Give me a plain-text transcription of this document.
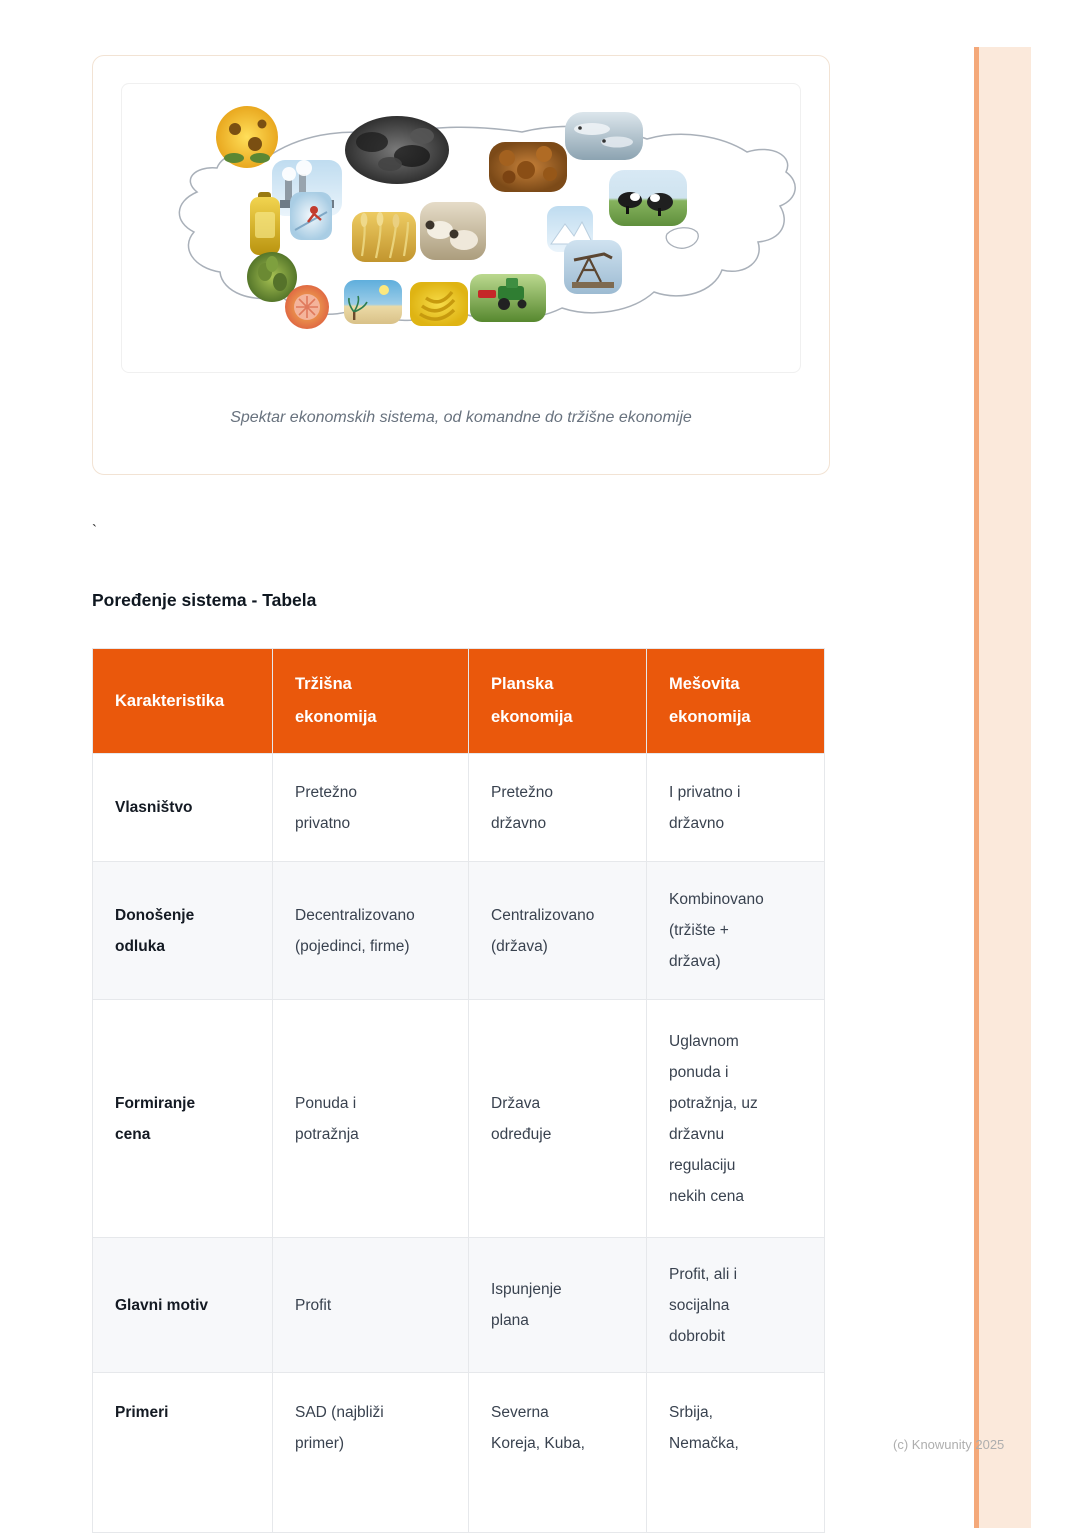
Spektar ekonomskih sistema, od komandne do tržišne ekonomije
`
Poređenje sistema - Tabela
Karakteristika	Tržišna ekonomija	Planska ekonomija	Mešovita ekonomija
Vlasništvo	Pretežno privatno	Pretežno državno	I privatno i državno
Donošenje odluka	Decentralizovano (pojedinci, firme)	Centralizovano (država)	Kombinovano (tržište + država)
Formiranje cena	Ponuda i potražnja	Država određuje	Uglavnom ponuda i potražnja, uz državnu regulaciju nekih cena
Glavni motiv	Profit	Ispunjenje plana	Profit, ali i socijalna dobrobit
Primeri	SAD (najbliži primer)	Severna Koreja, Kuba,	Srbija, Nemačka,	(c) Knowunity 2025
